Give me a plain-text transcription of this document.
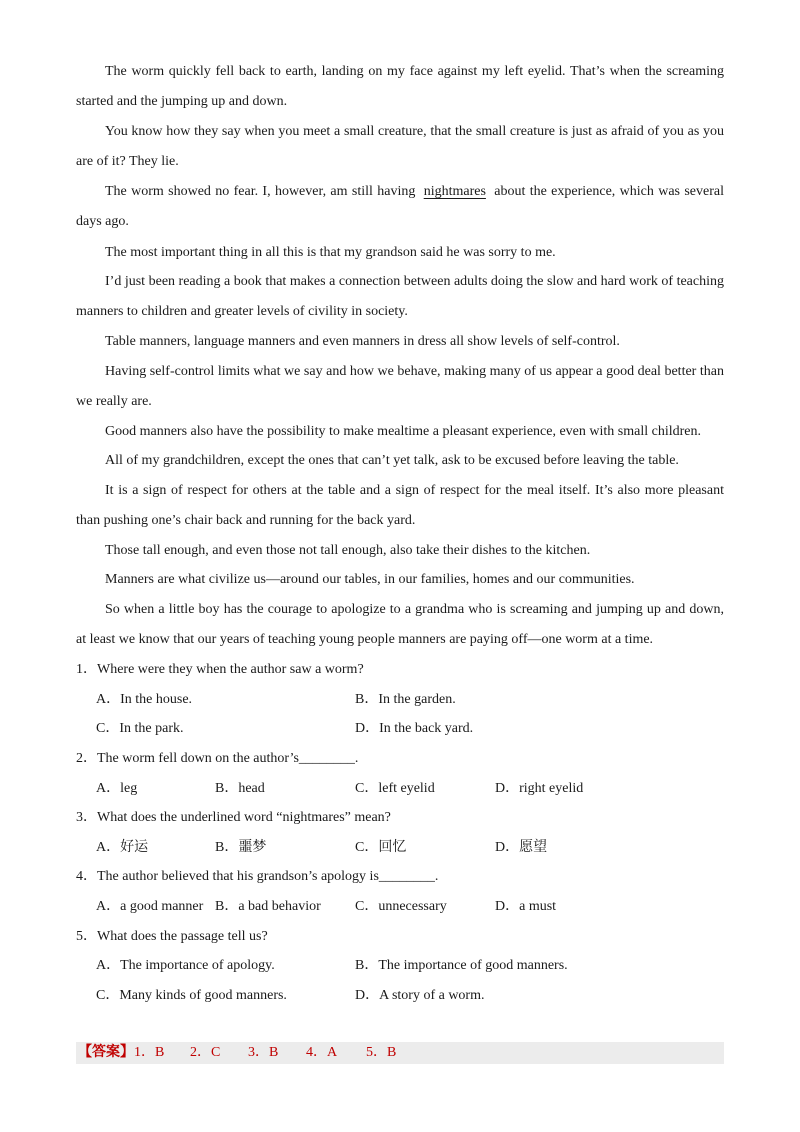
The worm quickly fell back to earth, landing on my face against my left eyelid. That’s when the screaming started and the jumping up and down.
You know how they say when you meet a small creature, that the small creature is just as afraid of you as you are of it? They lie.
The worm showed no fear. I, however, am still having nightmares about the experience, which was several days ago.
The most important thing in all this is that my grandson said he was sorry to me.
I’d just been reading a book that makes a connection between adults doing the slow and hard work of teaching manners to children and greater levels of civility in society.
Table manners, language manners and even manners in dress all show levels of self-control.
Having self-control limits what we say and how we behave, making many of us appear a good deal better than we really are.
Good manners also have the possibility to make mealtime a pleasant experience, even with small children.
All of my grandchildren, except the ones that can’t yet talk, ask to be excused before leaving the table.
It is a sign of respect for others at the table and a sign of respect for the meal itself. It’s also more pleasant than pushing one’s chair back and running for the back yard.
Those tall enough, and even those not tall enough, also take their dishes to the kitchen.
Manners are what civilize us—around our tables, in our families, homes and our communities.
So when a little boy has the courage to apologize to a grandma who is screaming and jumping up and down, at least we know that our years of teaching young people manners are paying off—one worm at a time.
1．Where were they when the author saw a worm?
A．In the house.	B．In the garden.
C．In the park.	D．In the back yard.
2．The worm fell down on the author’s________.
A．leg	B．head	C．left eyelid	D．right eyelid
3．What does the underlined word “nightmares” mean?
A．好运	B．噩梦	C．回忆	D．愿望
4．The author believed that his grandson’s apology is________.
A．a good manner B．a bad behavior C．unnecessary	D．a must
5．What does the passage tell us?
A．The importance of apology.	B．The importance of good manners.
C．Many kinds of good manners.	D．A story of a worm.
【答案】 1．B 2．C 3．B 4．A 5．B
